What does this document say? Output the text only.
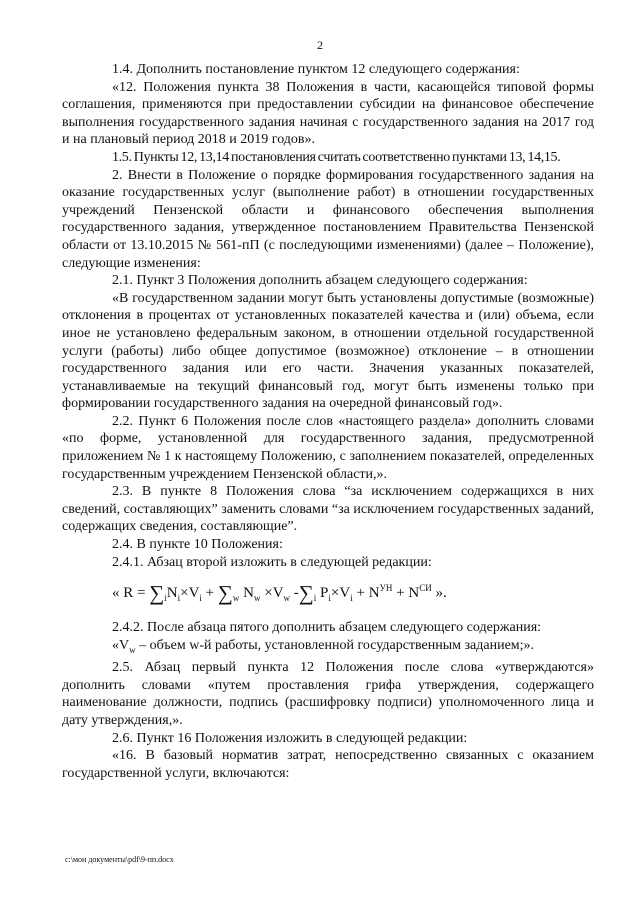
2

1.4. Дополнить постановление пунктом 12 следующего содержания:

«12. Положения пункта 38 Положения в части, касающейся типовой формы соглашения, применяются при предоставлении субсидии на финансовое обеспечение выполнения государственного задания начиная с государственного задания на 2017 год и на плановый период 2018 и 2019 годов».

1.5. Пункты 12, 13,14 постановления считать соответственно пунктами 13, 14,15.

2. Внести в Положение о порядке формирования государственного задания на оказание государственных услуг (выполнение работ) в отношении государственных учреждений Пензенской области и финансового обеспечения выполнения государственного задания, утвержденное постановлением Правительства Пензенской области от 13.10.2015 № 561-пП (с последующими изменениями) (далее – Положение), следующие изменения:

2.1. Пункт 3 Положения дополнить абзацем следующего содержания:

«В государственном задании могут быть установлены допустимые (возможные) отклонения в процентах от установленных показателей качества и (или) объема, если иное не установлено федеральным законом, в отношении отдельной государственной услуги (работы) либо общее допустимое (возможное) отклонение – в отношении государственного задания или его части. Значения указанных показателей, устанавливаемые на текущий финансовый год, могут быть изменены только при формировании государственного задания на очередной финансовый год».

2.2. Пункт 6 Положения после слов «настоящего раздела» дополнить словами «по форме, установленной для государственного задания, предусмотренной приложением № 1 к настоящему Положению, с заполнением показателей, определенных государственным учреждением Пензенской области,».

2.3. В пункте 8 Положения слова “за исключением содержащихся в них сведений, составляющих” заменить словами “за исключением государственных заданий, содержащих сведения, составляющие”.

2.4. В пункте 10 Положения:

2.4.1. Абзац второй изложить в следующей редакции:

« $R = \sum_iN_i\times V_i + \sum_w$ $N_w \times V_w$ $-\sum_i$ $P_i\times V_i + N^{УН} + N^{СИ}$ ».

2.4.2. После абзаца пятого дополнить абзацем следующего содержания:

«$V_w$ – объем w-й работы, установленной государственным заданием;».

2.5. Абзац первый пункта 12 Положения после слова «утверждаются» дополнить словами «путем проставления грифа утверждения, содержащего наименование должности, подпись (расшифровку подписи) уполномоченного лица и дату утверждения,».

2.6. Пункт 16 Положения изложить в следующей редакции:

«16. В базовый норматив затрат, непосредственно связанных с оказанием государственной услуги, включаются:

c:\мои документы\pdf\9-пп.docx
